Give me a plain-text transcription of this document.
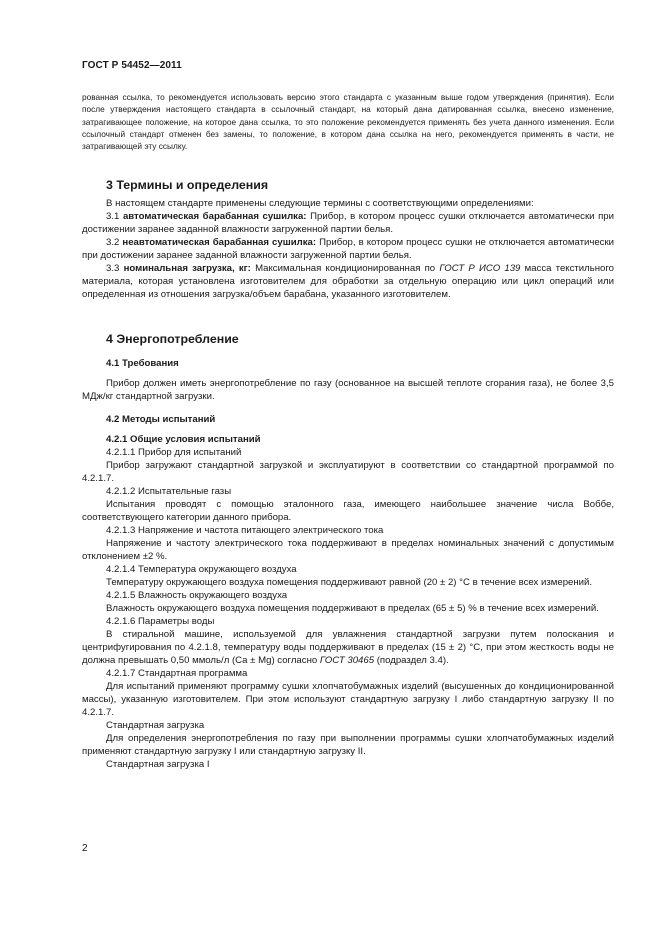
ГОСТ Р 54452—2011

рованная ссылка, то рекомендуется использовать версию этого стандарта с указанным выше годом утверждения (принятия). Если после утверждения настоящего стандарта в ссылочный стандарт, на который дана датированная ссылка, внесено изменение, затрагивающее положение, на которое дана ссылка, то это положение рекомендуется применять без учета данного изменения. Если ссылочный стандарт отменен без замены, то положение, в котором дана ссылка на него, рекомендуется применять в части, не затрагивающей эту ссылку.

3 Термины и определения

В настоящем стандарте применены следующие термины с соответствующими определениями:

3.1 автоматическая барабанная сушилка: Прибор, в котором процесс сушки отключается автоматически при достижении заранее заданной влажности загруженной партии белья.

3.2 неавтоматическая барабанная сушилка: Прибор, в котором процесс сушки не отключается автоматически при достижении заранее заданной влажности загруженной партии белья.

3.3 номинальная загрузка, кг: Максимальная кондиционированная по ГОСТ Р ИСО 139 масса текстильного материала, которая установлена изготовителем для обработки за отдельную операцию или цикл операций или определенная из отношения загрузка/объем барабана, указанного изготовителем.

4 Энергопотребление

4.1 Требования

Прибор должен иметь энергопотребление по газу (основанное на высшей теплоте сгорания газа), не более 3,5 МДж/кг стандартной загрузки.

4.2 Методы испытаний

4.2.1 Общие условия испытаний

4.2.1.1 Прибор для испытаний

Прибор загружают стандартной загрузкой и эксплуатируют в соответствии со стандартной программой по 4.2.1.7.

4.2.1.2 Испытательные газы

Испытания проводят с помощью эталонного газа, имеющего наибольшее значение числа Воббе, соответствующего категории данного прибора.

4.2.1.3 Напряжение и частота питающего электрического тока

Напряжение и частоту электрического тока поддерживают в пределах номинальных значений с допустимым отклонением ±2 %.

4.2.1.4 Температура окружающего воздуха

Температуру окружающего воздуха помещения поддерживают равной (20 ± 2) °С в течение всех измерений.

4.2.1.5 Влажность окружающего воздуха

Влажность окружающего воздуха помещения поддерживают в пределах (65 ± 5) % в течение всех измерений.

4.2.1.6 Параметры воды

В стиральной машине, используемой для увлажнения стандартной загрузки путем полоскания и центрифугирования по 4.2.1.8, температуру воды поддерживают в пределах (15 ± 2) °С, при этом жесткость воды не должна превышать 0,50 ммоль/л (Са ± Mg) согласно ГОСТ 30465 (подраздел 3.4).

4.2.1.7 Стандартная программа

Для испытаний применяют программу сушки хлопчатобумажных изделий (высушенных до кондиционированной массы), указанную изготовителем. При этом используют стандартную загрузку I либо стандартную загрузку II по 4.2.1.7.

Стандартная загрузка

Для определения энергопотребления по газу при выполнении программы сушки хлопчатобумажных изделий применяют стандартную загрузку I или стандартную загрузку II.

Стандартная загрузка I

2
